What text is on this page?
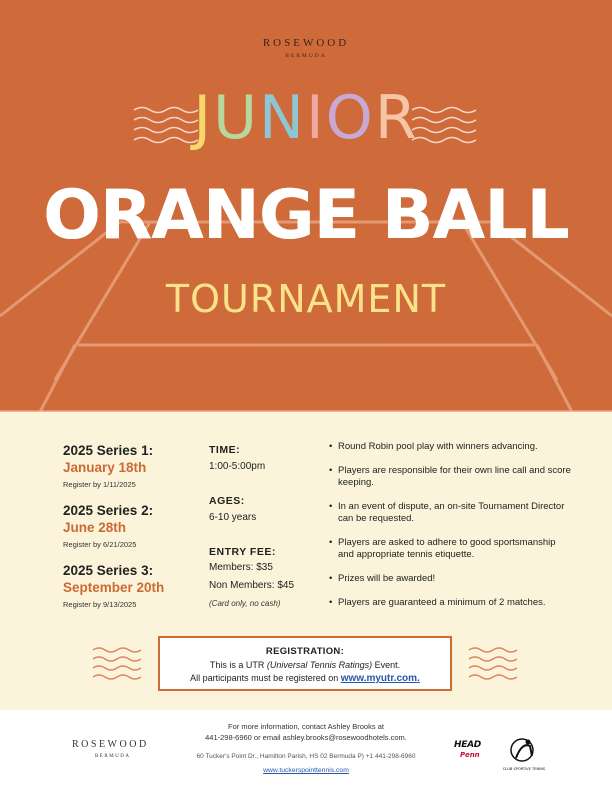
ROSEWOOD
BERMUDA
JUNIOR
ORANGE BALL
TOURNAMENT
2025 Series 1:
January 18th
Register by 1/11/2025
2025 Series 2:
June 28th
Register by 6/21/2025
2025 Series 3:
September 20th
Register by 9/13/2025
TIME:
1:00-5:00pm
AGES:
6-10 years
ENTRY FEE:
Members: $35
Non Members: $45
(Card only, no cash)
• Round Robin pool play with winners advancing.
• Players are responsible for their own line call and score keeping.
• In an event of dispute, an on-site Tournament Director can be requested.
• Players are asked to adhere to good sportsmanship and appropriate tennis etiquette.
• Prizes will be awarded!
• Players are guaranteed a minimum of 2 matches.
REGISTRATION:
This is a UTR (Universal Tennis Ratings) Event.
All participants must be registered on www.myutr.com.
ROSEWOOD
BERMUDA
For more information, contact Ashley Brooks at
441-298-6960 or email ashley.brooks@rosewoodhotels.com.
60 Tucker's Point Dr., Hamilton Parish, HS 02 Bermuda P) +1 441-298-6960
www.tuckerspointtennis.com
HEAD
Penn
CLUB SPORTIVE TENNIS
